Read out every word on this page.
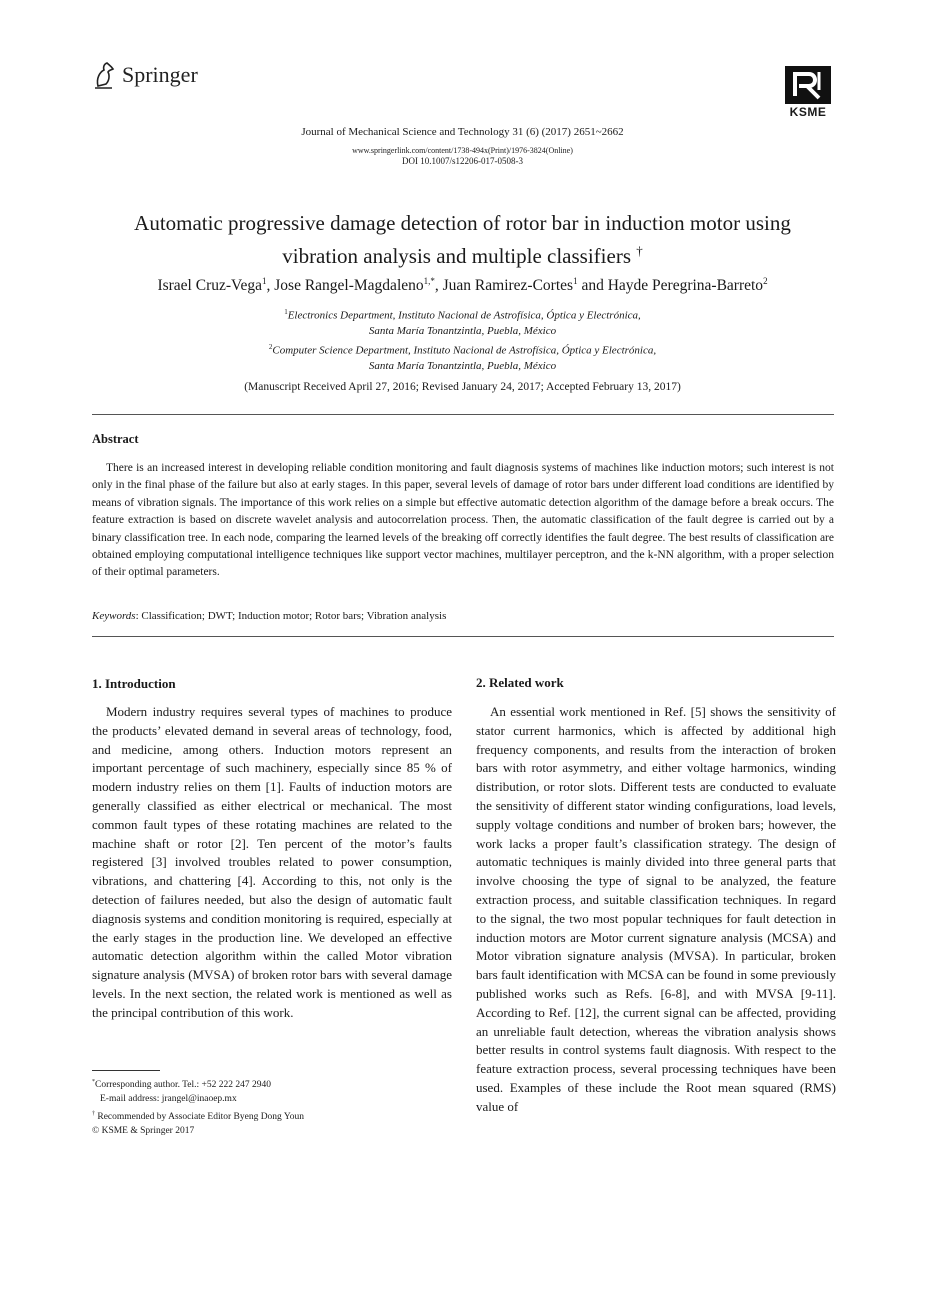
Springer
KSME
Journal of Mechanical Science and Technology 31 (6) (2017) 2651~2662
www.springerlink.com/content/1738-494x(Print)/1976-3824(Online)
DOI 10.1007/s12206-017-0508-3
Automatic progressive damage detection of rotor bar in induction motor using
vibration analysis and multiple classifiers †
Israel Cruz-Vega$^1$, Jose Rangel-Magdaleno$^{1,*}$, Juan Ramirez-Cortes$^1$ and Hayde Peregrina-Barreto$^2$
$^1$Electronics Department, Instituto Nacional de Astrofísica, Óptica y Electrónica,
Santa María Tonantzintla, Puebla, México
$^2$Computer Science Department, Instituto Nacional de Astrofísica, Óptica y Electrónica,
Santa María Tonantzintla, Puebla, México
(Manuscript Received April 27, 2016; Revised January 24, 2017; Accepted February 13, 2017)
Abstract
There is an increased interest in developing reliable condition monitoring and fault diagnosis systems of machines like induction motors; such interest is not only in the final phase of the failure but also at early stages. In this paper, several levels of damage of rotor bars under different load conditions are identified by means of vibration signals. The importance of this work relies on a simple but effective automatic detection algorithm of the damage before a break occurs. The feature extraction is based on discrete wavelet analysis and autocorrelation process. Then, the automatic classification of the fault degree is carried out by a binary classification tree. In each node, comparing the learned levels of the breaking off correctly identifies the fault degree. The best results of classification are obtained employing computational intelligence techniques like support vector machines, multilayer perceptron, and the k-NN algorithm, with a proper selection of their optimal parameters.
Keywords: Classification; DWT; Induction motor; Rotor bars; Vibration analysis
1. Introduction

Modern industry requires several types of machines to produce the products’ elevated demand in several areas of technology, food, and medicine, among others. Induction motors represent an important percentage of such machinery, especially since 85 % of modern industry relies on them [1]. Faults of induction motors are generally classified as either electrical or mechanical. The most common fault types of these rotating machines are related to the machine shaft or rotor [2]. Ten percent of the motor’s faults registered [3] involved troubles related to power consumption, vibrations, and chattering [4]. According to this, not only is the detection of failures needed, but also the design of automatic fault diagnosis systems and condition monitoring is required, especially at the early stages in the production line. We developed an effective automatic detection algorithm within the called Motor vibration signature analysis (MVSA) of broken rotor bars with several damage levels. In the next section, the related work is mentioned as well as the principal contribution of this work.

2. Related work

An essential work mentioned in Ref. [5] shows the sensitivity of stator current harmonics, which is affected by additional high frequency components, and results from the interaction of broken bars with rotor asymmetry, and either voltage harmonics, winding distribution, or rotor slots. Different tests are conducted to evaluate the sensitivity of different stator winding configurations, load levels, supply voltage conditions and number of broken bars; however, the work lacks a proper fault’s classification strategy. The design of automatic techniques is mainly divided into three general parts that involve choosing the type of signal to be analyzed, the feature extraction process, and suitable classification techniques. In regard to the signal, the two most popular techniques for fault detection in induction motors are Motor current signature analysis (MCSA) and Motor vibration signature analysis (MVSA). In particular, broken bars fault identification with MCSA can be found in some previously published works such as Refs. [6-8], and with MVSA [9-11]. According to Ref. [12], the current signal can be affected, providing an unreliable fault detection, whereas the vibration analysis shows better results in control systems fault diagnosis. With respect to the feature extraction process, several processing techniques have been used. Examples of these include the Root mean squared (RMS) value of

*Corresponding author. Tel.: +52 222 247 2940
E-mail address: jrangel@inaoep.mx
† Recommended by Associate Editor Byeng Dong Youn
© KSME & Springer 2017
